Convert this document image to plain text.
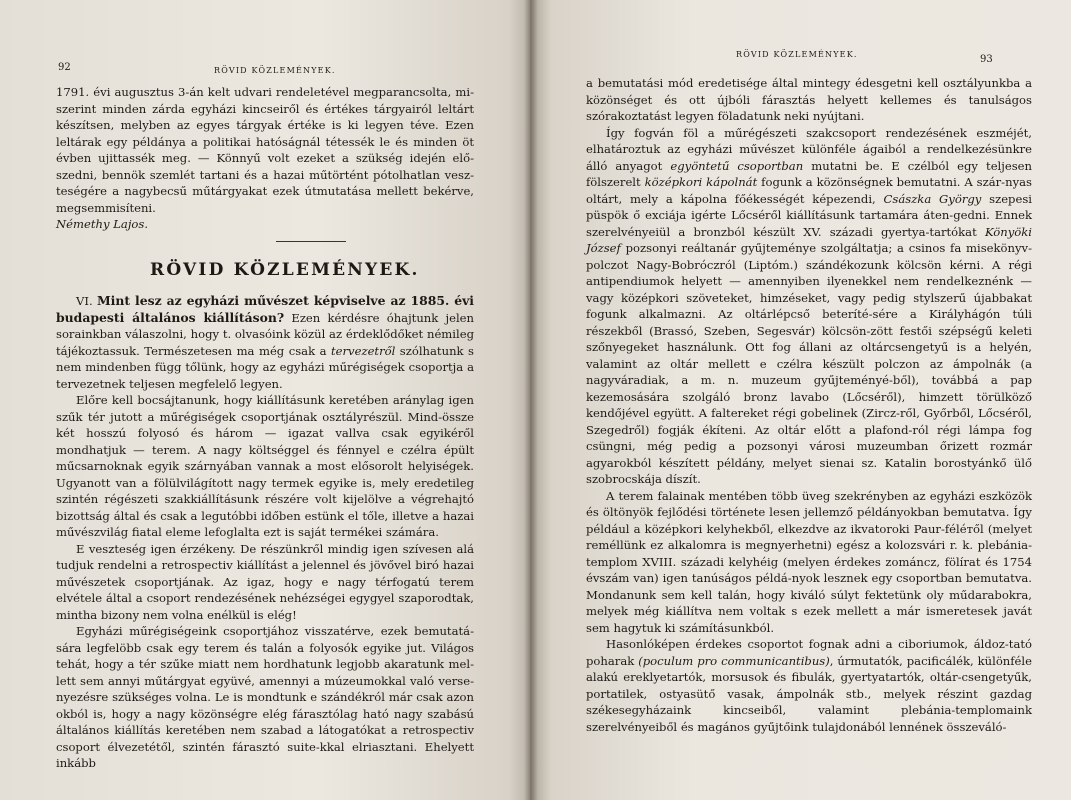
92	RÖVID KÖZLEMÉNYEK.

1791. évi augusztus 3-án kelt udvari rendeletével megparancsolta, mi-szerint minden zárda egyházi kincseiről és értékes tárgyairól leltárt készítsen, melyben az egyes tárgyak értéke is ki legyen téve. Ezen leltárak egy példánya a politikai hatóságnál tétessék le és minden öt évben ujittassék meg. — Könnyű volt ezeket a szükség idején elő-szedni, bennök szemlét tartani és a hazai műtörtént pótolhatlan vesz-teségére a nagybecsű műtárgyakat ezek útmutatása mellett bekérve, megsemmisíteni.

Némethy Lajos.

RÖVID KÖZLEMÉNYEK.

VI. Mint lesz az egyházi művészet képviselve az 1885. évi budapesti általános kiállításon? Ezen kérdésre óhajtunk jelen sorainkban válaszolni, hogy t. olvasóink közül az érdeklődőket némileg tájékoztassuk. Természetesen ma még csak a tervezetről szólhatunk s nem mindenben függ tőlünk, hogy az egyházi műrégiségek csoportja a tervezetnek teljesen megfelelő legyen.

Előre kell bocsájtanunk, hogy kiállításunk keretében aránylag igen szűk tér jutott a műrégiségek csoportjának osztályrészül. Mind-össze két hosszú folyosó és három — igazat vallva csak egyikéről mondhatjuk — terem. A nagy költséggel és fénnyel e czélra épült műcsarnoknak egyik szárnyában vannak a most elősorolt helyiségek. Ugyanott van a fölülvilágított nagy termek egyike is, mely eredetileg szintén régészeti szakkiállításunk részére volt kijelölve a végrehajtó bizottság által és csak a legutóbbi időben estünk el tőle, illetve a hazai művészvilág fiatal eleme lefoglalta ezt is saját termékei számára.

E veszteség igen érzékeny. De részünkről mindig igen szívesen alá tudjuk rendelni a retrospectiv kiállítást a jelennel és jövővel biró hazai művészetek csoportjának. Az igaz, hogy e nagy térfogatú terem elvételе által a csoport rendezésének nehézségei egygyel szaporodtak, mintha bizony nem volna enélkül is elég!

Egyházi műrégiségeink csoportjához visszatérve, ezek bemutatá-sára legfelöbb csak egy terem és talán a folyosók egyike jut. Világos tehát, hogy a tér szűke miatt nem hordhatunk legjobb akaratunk mel-lett sem annyi műtárgyat együvé, amennyi a múzeumokkal való verse-nyezésre szükséges volna. Le is mondtunk e szándékról már csak azon okból is, hogy a nagy közönségre elég fárasztólag ható nagy szabású általános kiállítás keretében nem szabad a látogatókat a retrospectiv csoport élvezetétől, szintén fárasztó suite-kkal elriasztani. Ehelyett inkább

RÖVID KÖZLEMÉNYEK.	93

a bemutatási mód eredetisége által mintegy édesgetni kell osztályunkba a közönséget és ott újbóli fárasztás helyett kellemes és tanulságos szórakoztatást legyen föladatunk neki nyújtani.

Így fogván föl a műrégészeti szakcsoport rendezésének eszméjét, elhatároztuk az egyházi művészet különféle ágaiból a rendelkezésünkre álló anyagot egyöntetű csoportban mutatni be. E czélból egy teljesen fölszerelt középkori kápolnát fogunk a közönségnek bemutatni. A szár-nyas oltárt, mely a kápolna főékességét képezendi, Császka György szepesi püspök ő exciája igérte Lőcséről kiállításunk tartamára áten-gedni. Ennek szerelvényeiül a bronzból készült XV. századi gyertya-tartókat Könyöki József pozsonyi reáltanár gyűjteménye szolgáltatja; a csinos fa misekönyv-polczot Nagy-Bobróczról (Liptóm.) szándékozunk kölcsön kérni. A régi antipendiumok helyett — amennyiben ilyenekkel nem rendelkeznénk — vagy középkori szöveteket, himzéseket, vagy pedig stylszerű újabbakat fogunk alkalmazni. Az oltárlépcső beteríté-sére a Királyhágón túli részekből (Brassó, Szeben, Segesvár) kölcsön-zött festői szépségű keleti szőnyegeket használunk. Ott fog állani az oltárcsengetyű is a helyén, valamint az oltár mellett e czélra készült polczon az ámpolnák (a nagyváradiak, a m. n. muzeum gyűjteményé-ből), továbbá a pap kezemosására szolgáló bronz lavabo (Lőcséről), himzett törülköző kendőjével együtt. A falterеket régi gobelinek (Zircz-ről, Győrből, Lőcséről, Szegedről) fogják ékíteni. Az oltár előtt a plafond-ról régi lámpa fog csüngni, még pedig a pozsonyi városi muzeumban őrizett rozmár agyarokból készített példány, melyet sienai sz. Katalin borostyánkő ülő szobrocskája díszít.

A terem falainak mentében több üveg szekrényben az egyházi eszközök és öltönyök fejlődési története lesen jellemző példányokban bemutatva. Így például a középkori kelyhekből, elkezdve az ikvatoroki Paur-féléтől (melyet reméllünk ez alkalomra is megnyerhetni) egész a kolozsvári r. k. plebánia-templom XVIII. századi kelyhéig (melyen érdekes zománcz, fölírat és 1754 évszám van) igen tanúságos példá-nyok lesznek egy csoportban bemutatva. Mondanunk sem kell talán, hogy kiváló súlyt fektetünk oly műdarabokra, melyek még kiállítva nem voltak s ezek mellett a már ismeretesek javát sem hagytuk ki számításunkból.

Hasonlóképen érdekes csoportot fognak adni a ciboriumok, áldoz-tató poharak (poculum pro communicantibus), úrmutatók, pacificálék, különféle alakú ereklyetartók, morsusok és fibulák, gyertyatartók, oltár-csengetyűk, portatilek, ostyasütő vasak, ámpolnák stb., melyek részint gazdag székesegyházaink kincseiből, valamint plebánia-templomaink szerelvényeiből és magános gyűjtőink tulajdonából lennének összeváló-
